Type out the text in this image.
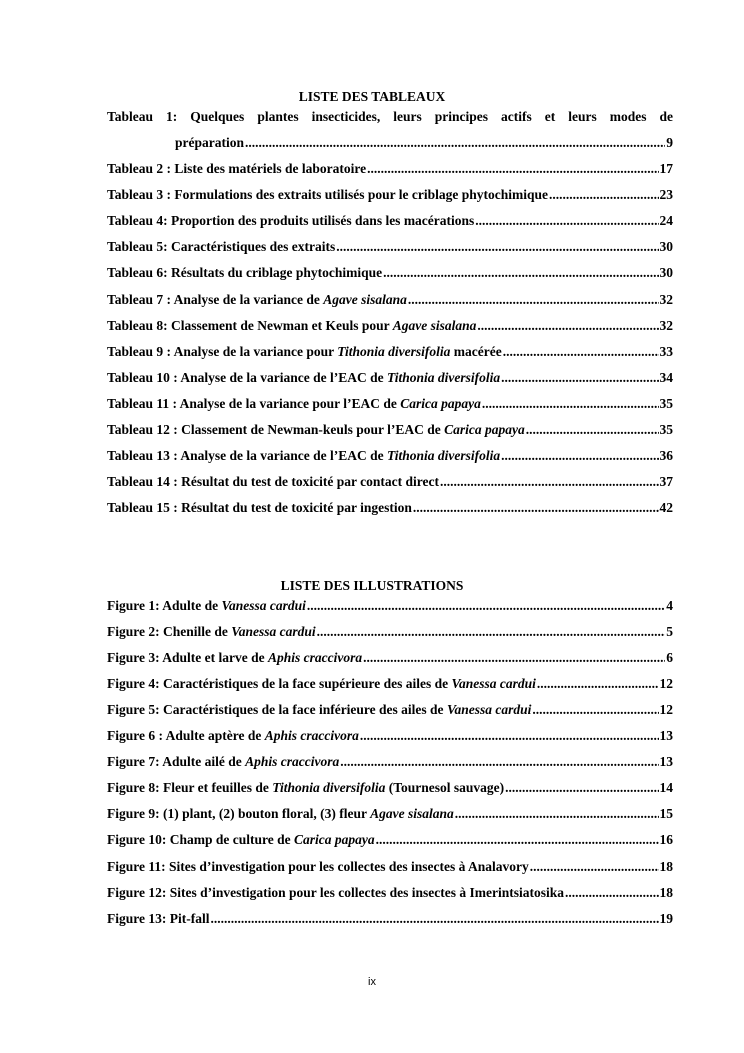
LISTE DES TABLEAUX
Tableau 1: Quelques plantes insecticides, leurs principes actifs et leurs modes de
préparation .....	9
Tableau 2 : Liste des matériels de laboratoire .....	17
Tableau 3 : Formulations des extraits utilisés pour le criblage phytochimique .....	23
Tableau 4: Proportion des produits utilisés dans les macérations .....	24
Tableau 5: Caractéristiques des extraits .....	30
Tableau 6: Résultats du criblage phytochimique .....	30
Tableau 7 : Analyse de la variance de Agave sisalana .....	32
Tableau 8: Classement de Newman et Keuls pour Agave sisalana .....	32
Tableau 9 : Analyse de la variance pour Tithonia diversifolia macérée .....	33
Tableau 10 : Analyse de la variance de l’EAC de Tithonia diversifolia .....	34
Tableau 11 : Analyse de la variance pour l’EAC de Carica papaya .....	35
Tableau 12 : Classement de Newman-keuls pour l’EAC de Carica papaya .....	35
Tableau 13 : Analyse de la variance de l’EAC de Tithonia diversifolia .....	36
Tableau 14 : Résultat du test de toxicité par contact direct .....	37
Tableau 15 : Résultat du test de toxicité par ingestion .....	42
LISTE DES ILLUSTRATIONS
Figure 1: Adulte de Vanessa cardui .....	4
Figure 2: Chenille de Vanessa cardui .....	5
Figure 3: Adulte et larve de Aphis craccivora .....	6
Figure 4: Caractéristiques de la face supérieure des ailes de Vanessa cardui .....	12
Figure 5: Caractéristiques de la face inférieure des ailes de Vanessa cardui .....	12
Figure 6 : Adulte aptère de Aphis craccivora .....	13
Figure 7: Adulte ailé de Aphis craccivora .....	13
Figure 8: Fleur et feuilles de Tithonia diversifolia (Tournesol sauvage) .....	14
Figure 9: (1) plant, (2) bouton floral, (3) fleur Agave sisalana .....	15
Figure 10: Champ de culture de Carica papaya .....	16
Figure 11: Sites d’investigation pour les collectes des insectes à Analavory .....	18
Figure 12: Sites d’investigation pour les collectes des insectes à Imerintsiatosika .....	18
Figure 13: Pit-fall .....	19
ix
